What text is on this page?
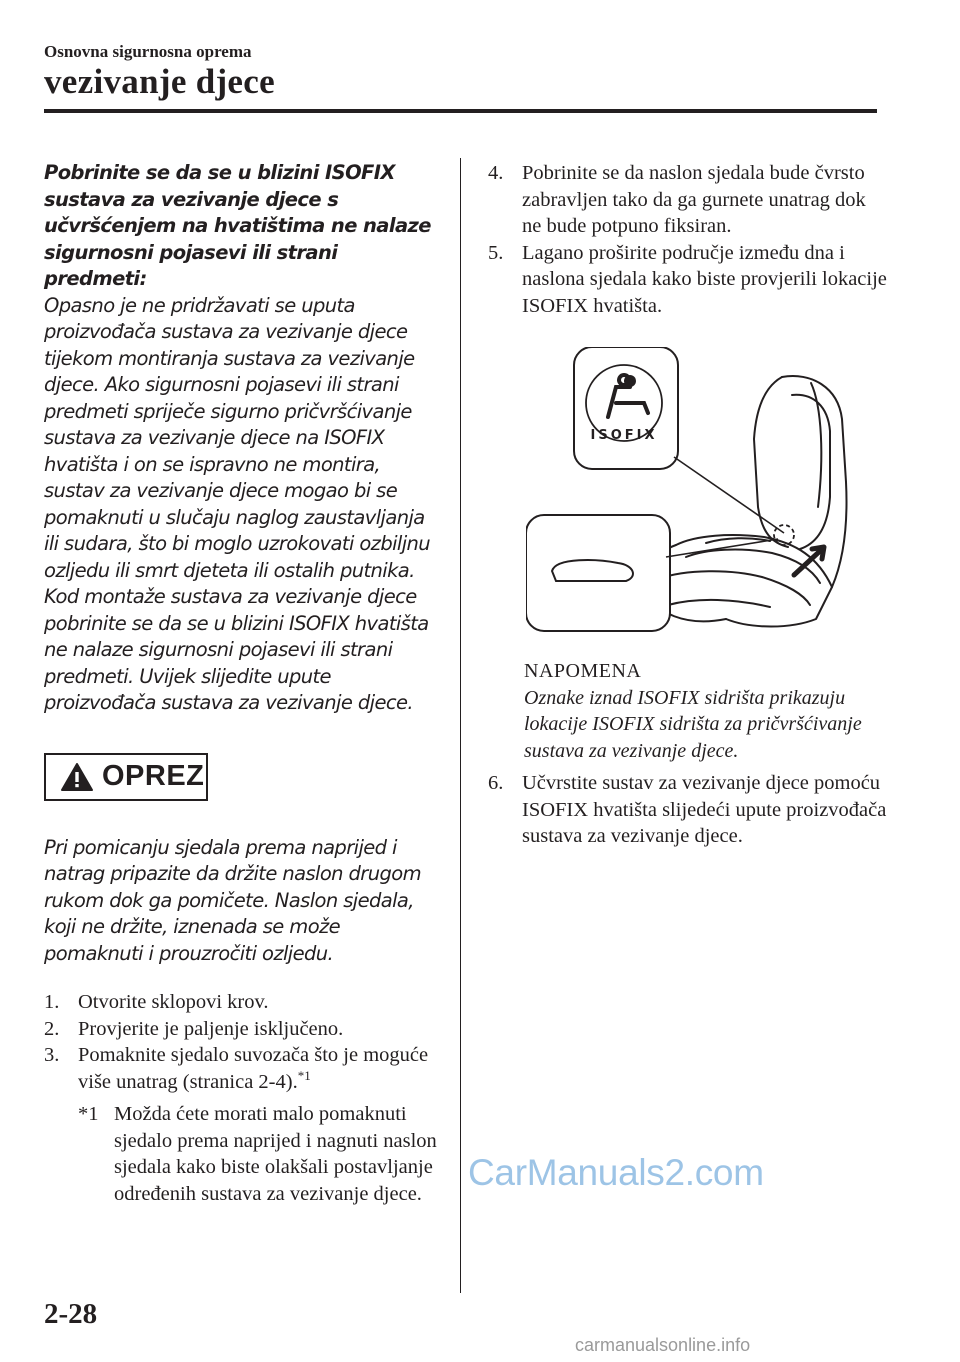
Osnovna sigurnosna oprema
vezivanje djece
Pobrinite se da se u blizini ISOFIX sustava za vezivanje djece s učvršćenjem na hvatištima ne nalaze sigurnosni pojasevi ili strani predmeti:
Opasno je ne pridržavati se uputa proizvođača sustava za vezivanje djece tijekom montiranja sustava za vezivanje djece. Ako sigurnosni pojasevi ili strani predmeti spriječe sigurno pričvršćivanje sustava za vezivanje djece na ISOFIX hvatišta i on se ispravno ne montira, sustav za vezivanje djece mogao bi se pomaknuti u slučaju naglog zaustavljanja ili sudara, što bi moglo uzrokovati ozbiljnu ozljedu ili smrt djeteta ili ostalih putnika. Kod montaže sustava za vezivanje djece pobrinite se da se u blizini ISOFIX hvatišta ne nalaze sigurnosni pojasevi ili strani predmeti. Uvijek slijedite upute proizvođača sustava za vezivanje djece.
OPREZ
Pri pomicanju sjedala prema naprijed i natrag pripazite da držite naslon drugom rukom dok ga pomičete. Naslon sjedala, koji ne držite, iznenada se može pomaknuti i prouzročiti ozljedu.
1. Otvorite sklopovi krov.
2. Provjerite je paljenje isključeno.
3. Pomaknite sjedalo suvozača što je moguće više unatrag (stranica 2-4).$^{*1}$
*1 Možda ćete morati malo pomaknuti sjedalo prema naprijed i nagnuti naslon sjedala kako biste olakšali postavljanje određenih sustava za vezivanje djece.
4. Pobrinite se da naslon sjedala bude čvrsto zabravljen tako da ga gurnete unatrag dok ne bude potpuno fiksiran.
5. Lagano proširite područje između dna i naslona sjedala kako biste provjerili lokacije ISOFIX hvatišta.
ISOFIX
NAPOMENA
Oznake iznad ISOFIX sidrišta prikazuju lokacije ISOFIX sidrišta za pričvršćivanje sustava za vezivanje djece.
6. Učvrstite sustav za vezivanje djece pomoću ISOFIX hvatišta slijedeći upute proizvođača sustava za vezivanje djece.
CarManuals2.com
2-28
carmanualsonline.info
